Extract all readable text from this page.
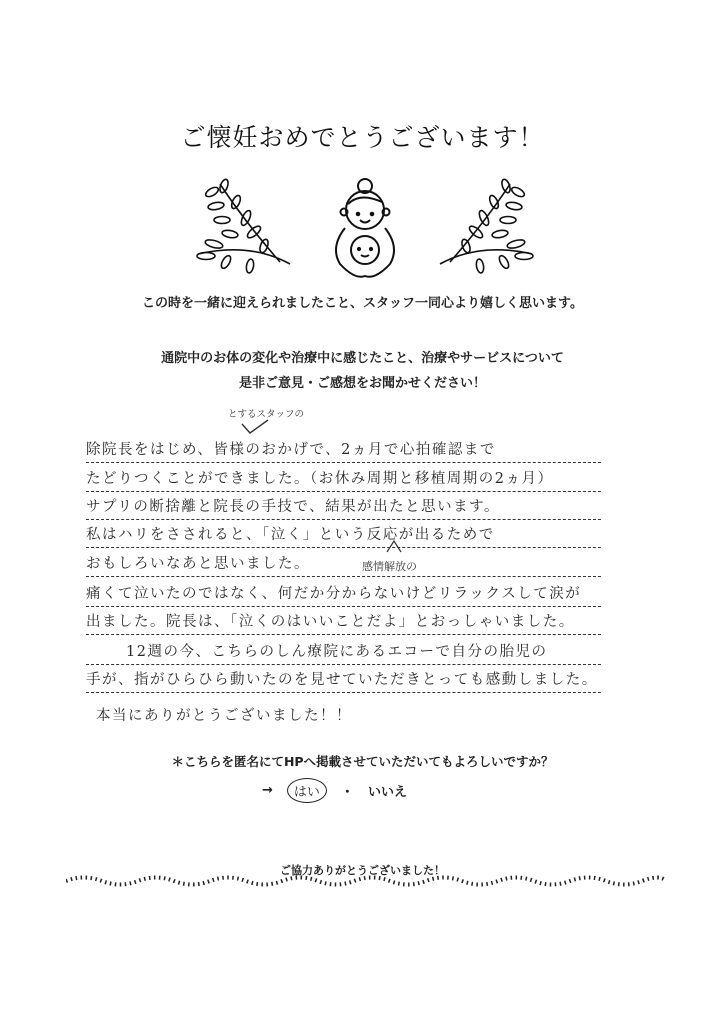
ご懐妊おめでとうございます！
この時を一緒に迎えられましたこと、スタッフ一同心より嬉しく思います。
通院中のお体の変化や治療中に感じたこと、治療やサービスについて
是非ご意見・ご感想をお聞かせください！
とするスタッフの
感情解放の
除院長をはじめ、皆様のおかげで、2ヵ月で心拍確認まで
たどりつくことができました。（お休み周期と移植周期の2ヵ月）
サプリの断捨離と院長の手技で、結果が出たと思います。
私はハリをさされると、「泣く」という反応が出るためで
おもしろいなあと思いました。
痛くて泣いたのではなく、何だか分からないけどリラックスして涙が
出ました。院長は、「泣くのはいいことだよ」とおっしゃいました。
　12週の今、こちらのしん療院にあるエコーで自分の胎児の
手が、指がひらひら動いたのを見せていただきとっても感動しました。
本当にありがとうございました！！
＊こちらを匿名にてHPへ掲載させていただいてもよろしいですか？
→	はい	・ いいえ
ご協力ありがとうございました！
